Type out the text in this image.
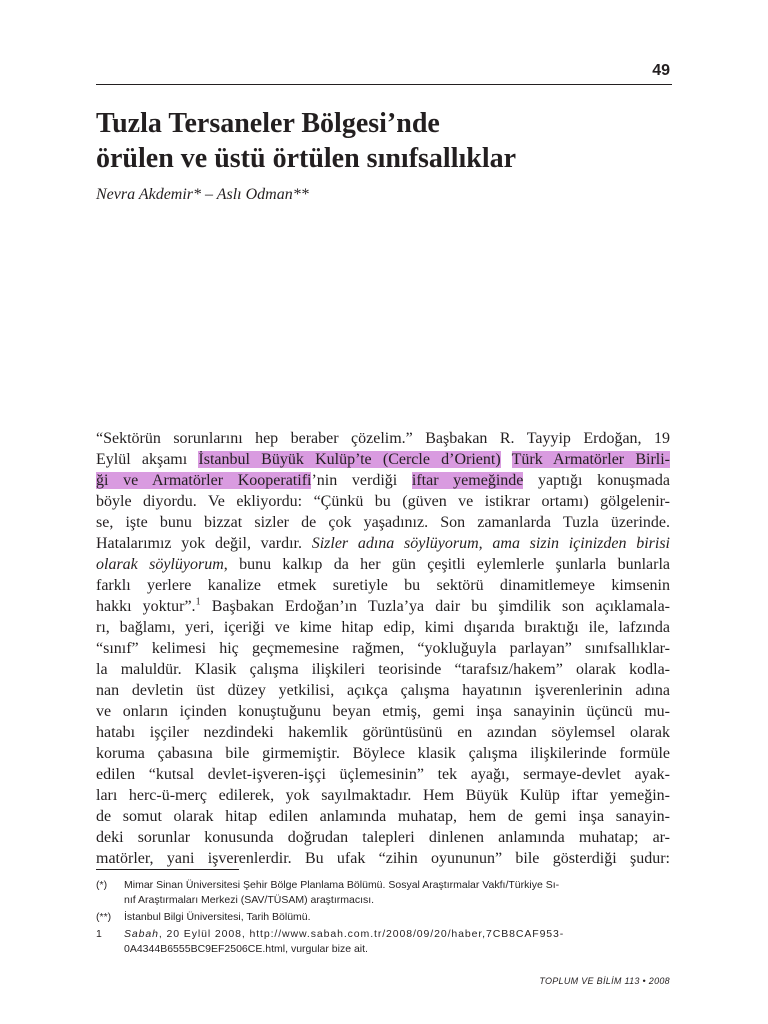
49
Tuzla Tersaneler Bölgesi’nde
örülen ve üstü örtülen sınıfsallıklar

Nevra Akdemir* – Aslı Odman**

“Sektörün sorunlarını hep beraber çözelim.” Başbakan R. Tayyip Erdoğan, 19
Eylül akşamı İstanbul Büyük Kulüp’te (Cercle d’Orient) Türk Armatörler Birli-
ği ve Armatörler Kooperatifi’nin verdiği iftar yemeğinde yaptığı konuşmada
böyle diyordu. Ve ekliyordu: “Çünkü bu (güven ve istikrar ortamı) gölgelenir-
se, işte bunu bizzat sizler de çok yaşadınız. Son zamanlarda Tuzla üzerinde.
Hatalarımız yok değil, vardır. Sizler adına söylüyorum, ama sizin içinizden birisi
olarak söylüyorum, bunu kalkıp da her gün çeşitli eylemlerle şunlarla bunlarla
farklı yerlere kanalize etmek suretiyle bu sektörü dinamitlemeye kimsenin
hakkı yoktur”.$^1$ Başbakan Erdoğan’ın Tuzla’ya dair bu şimdilik son açıklamala-
rı, bağlamı, yeri, içeriği ve kime hitap edip, kimi dışarıda bıraktığı ile, lafzında
“sınıf” kelimesi hiç geçmemesine rağmen, “yokluğuyla parlayan” sınıfsallıklar-
la maluldür. Klasik çalışma ilişkileri teorisinde “tarafsız/hakem” olarak kodla-
nan devletin üst düzey yetkilisi, açıkça çalışma hayatının işverenlerinin adına
ve onların içinden konuştuğunu beyan etmiş, gemi inşa sanayinin üçüncü mu-
hatabı işçiler nezdindeki hakemlik görüntüsünü en azından söylemsel olarak
koruma çabasına bile girmemiştir. Böylece klasik çalışma ilişkilerinde formüle
edilen “kutsal devlet-işveren-işçi üçlemesinin” tek ayağı, sermaye-devlet ayak-
ları herc-ü-merç edilerek, yok sayılmaktadır. Hem Büyük Kulüp iftar yemeğin-
de somut olarak hitap edilen anlamında muhatap, hem de gemi inşa sanayin-
deki sorunlar konusunda doğrudan talepleri dinlenen anlamında muhatap; ar-
matörler, yani işverenlerdir. Bu ufak “zihin oyununun” bile gösterdiği şudur:
(*) Mimar Sinan Üniversitesi Şehir Bölge Planlama Bölümü. Sosyal Araştırmalar Vakfı/Türkiye Sı-
nıf Araştırmaları Merkezi (SAV/TÜSAM) araştırmacısı.
(**) İstanbul Bilgi Üniversitesi, Tarih Bölümü.
1 Sabah, 20 Eylül 2008, http://www.sabah.com.tr/2008/09/20/haber,7CB8CAF953-
0A4344B6555BC9EF2506CE.html, vurgular bize ait.
TOPLUM VE BİLİM 113 • 2008
